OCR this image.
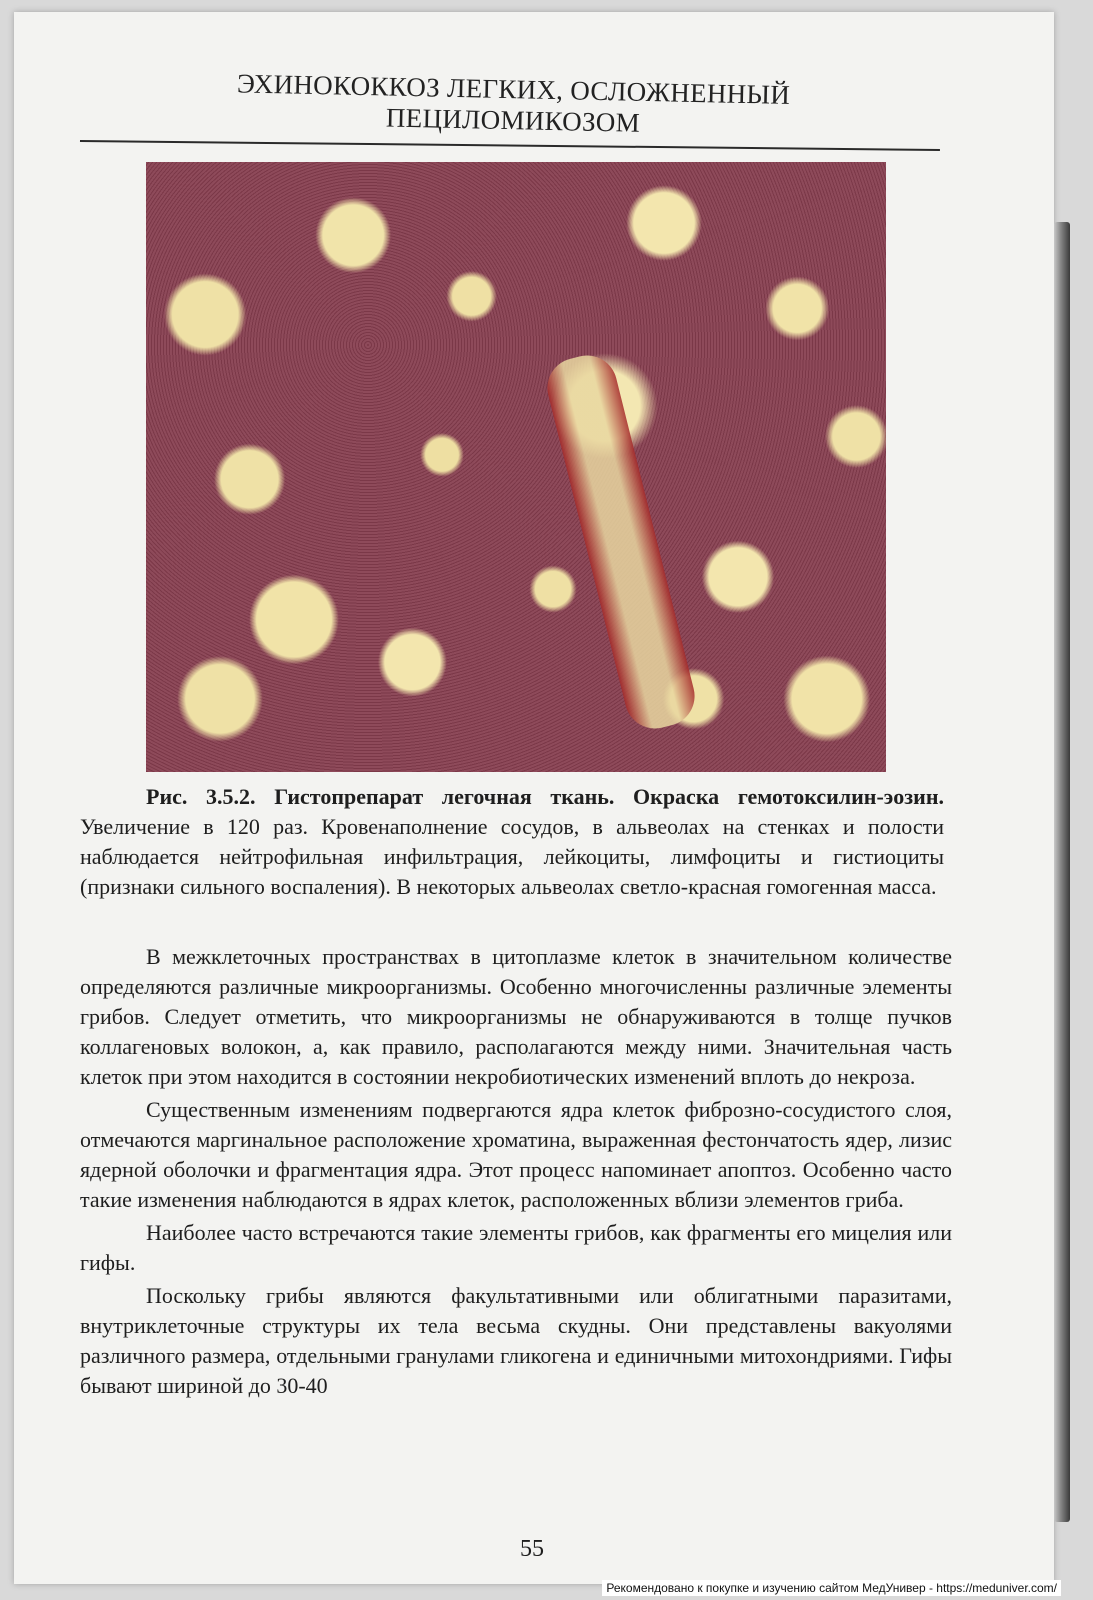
ЭХИНОКОККОЗ ЛЕГКИХ, ОСЛОЖНЕННЫЙ ПЕЦИЛОМИКОЗОМ
Рис. 3.5.2. Гистопрепарат легочная ткань. Окраска гемотоксилин-эозин. Увеличение в 120 раз. Кровенаполнение сосудов, в альвеолах на стенках и полости наблюдается нейтрофильная инфильтрация, лейкоциты, лимфоциты и гистиоциты (признаки сильного воспаления). В некоторых альвеолах светло-красная гомогенная масса.

В межклеточных пространствах в цитоплазме клеток в значительном количестве определяются различные микроорганизмы. Особенно многочисленны различные элементы грибов. Следует отметить, что микроорганизмы не обнаруживаются в толще пучков коллагеновых волокон, а, как правило, располагаются между ними. Значительная часть клеток при этом находится в состоянии некробиотических изменений вплоть до некроза.

Существенным изменениям подвергаются ядра клеток фиброзно-сосудистого слоя, отмечаются маргинальное расположение хроматина, выраженная фестончатость ядер, лизис ядерной оболочки и фрагментация ядра. Этот процесс напоминает апоптоз. Особенно часто такие изменения наблюдаются в ядрах клеток, расположенных вблизи элементов гриба.

Наиболее часто встречаются такие элементы грибов, как фрагменты его мицелия или гифы.

Поскольку грибы являются факультативными или облигатными паразитами, внутриклеточные структуры их тела весьма скудны. Они представлены вакуолями различного размера, отдельными гранулами гликогена и единичными митохондриями. Гифы бывают шириной до 30-40

55
Рекомендовано к покупке и изучению сайтом МедУнивер - https://meduniver.com/
